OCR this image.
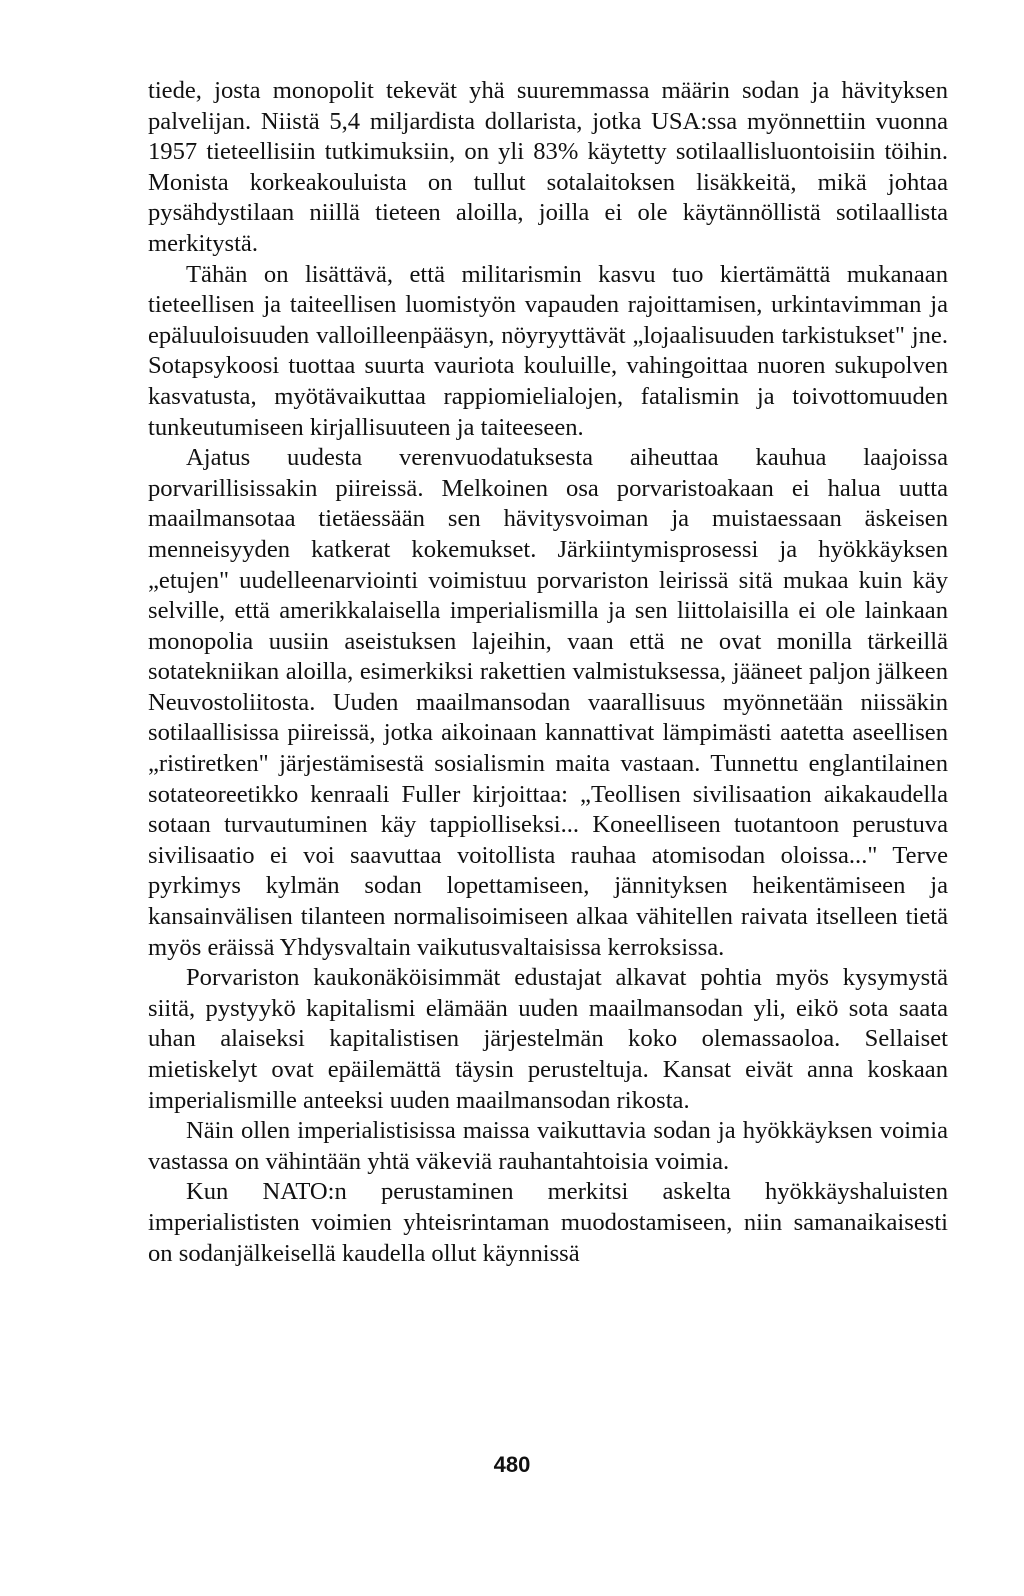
tiede, josta monopolit tekevät yhä suuremmassa määrin sodan ja hävityksen palvelijan. Niistä 5,4 miljardista dollarista, jotka USA:ssa myönnettiin vuonna 1957 tieteellisiin tutkimuksiin, on yli 83% käytetty sotilaallisluontoisiin töihin. Monista korkeakouluista on tullut sotalaitoksen lisäkkeitä, mikä johtaa pysähdystilaan niillä tieteen aloilla, joilla ei ole käytännöllistä sotilaallista merkitystä.

Tähän on lisättävä, että militarismin kasvu tuo kiertämättä mukanaan tieteellisen ja taiteellisen luomistyön vapauden rajoittamisen, urkintavimman ja epäluuloisuuden valloilleenpääsyn, nöyryyttävät „lojaalisuuden tarkistukset" jne. Sotapsykoosi tuottaa suurta vauriota kouluille, vahingoittaa nuoren sukupolven kasvatusta, myötävaikuttaa rappiomielialojen, fatalismin ja toivottomuuden tunkeutumiseen kirjallisuuteen ja taiteeseen.

Ajatus uudesta verenvuodatuksesta aiheuttaa kauhua laajoissa porvarillisissakin piireissä. Melkoinen osa porvaristoakaan ei halua uutta maailmansotaa tietäessään sen hävitysvoiman ja muistaessaan äskeisen menneisyyden katkerat kokemukset. Järkiintymisprosessi ja hyökkäyksen „etujen" uudelleenarviointi voimistuu porvariston leirissä sitä mukaa kuin käy selville, että amerikkalaisella imperialismilla ja sen liittolaisilla ei ole lainkaan monopolia uusiin aseistuksen lajeihin, vaan että ne ovat monilla tärkeillä sotatekniikan aloilla, esimerkiksi rakettien valmistuksessa, jääneet paljon jälkeen Neuvostoliitosta. Uuden maailmansodan vaarallisuus myönnetään niissäkin sotilaallisissa piireissä, jotka aikoinaan kannattivat lämpimästi aatetta aseellisen „ristiretken" järjestämisestä sosialismin maita vastaan. Tunnettu englantilainen sotateoreetikko kenraali Fuller kirjoittaa: „Teollisen sivilisaation aikakaudella sotaan turvautuminen käy tappiolliseksi... Koneelliseen tuotantoon perustuva sivilisaatio ei voi saavuttaa voitollista rauhaa atomisodan oloissa..." Terve pyrkimys kylmän sodan lopettamiseen, jännityksen heikentämiseen ja kansainvälisen tilanteen normalisoimiseen alkaa vähitellen raivata itselleen tietä myös eräissä Yhdysvaltain vaikutusvaltaisissa kerroksissa.

Porvariston kaukonäköisimmät edustajat alkavat pohtia myös kysymystä siitä, pystyykö kapitalismi elämään uuden maailmansodan yli, eikö sota saata uhan alaiseksi kapitalistisen järjestelmän koko olemassaoloa. Sellaiset mietiskelyt ovat epäilemättä täysin perusteltuja. Kansat eivät anna koskaan imperialismille anteeksi uuden maailmansodan rikosta.

Näin ollen imperialistisissa maissa vaikuttavia sodan ja hyökkäyksen voimia vastassa on vähintään yhtä väkeviä rauhantahtoisia voimia.

Kun NATO:n perustaminen merkitsi askelta hyökkäyshaluisten imperialististen voimien yhteisrintaman muodostamiseen, niin samanaikaisesti on sodanjälkeisellä kaudella ollut käynnissä

480
